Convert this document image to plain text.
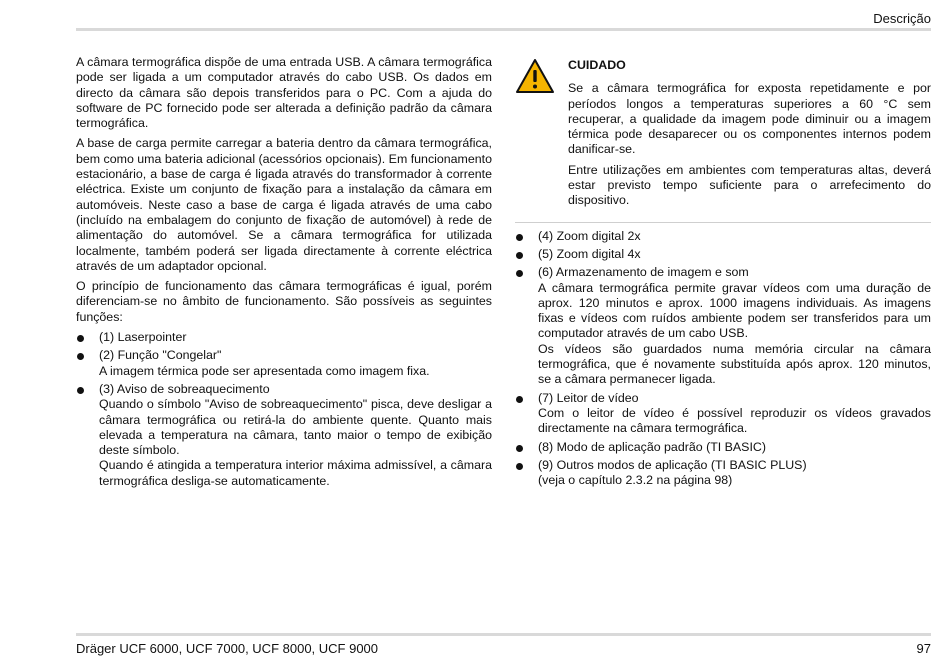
Descrição

A câmara termográfica dispõe de uma entrada USB. A câmara termográfica pode ser ligada a um computador através do cabo USB. Os dados em directo da câmara são depois transferidos para o PC. Com a ajuda do software de PC fornecido pode ser alterada a definição padrão da câmara termográfica.

A base de carga permite carregar a bateria dentro da câmara termográfica, bem como uma bateria adicional (acessórios opcionais). Em funcionamento estacionário, a base de carga é ligada através do transformador à corrente eléctrica. Existe um conjunto de fixação para a instalação da câmara em automóveis. Neste caso a base de carga é ligada através de uma cabo (incluído na embalagem do conjunto de fixação de automóvel) à rede de alimentação do automóvel. Se a câmara termográfica for utilizada localmente, também poderá ser ligada directamente à corrente eléctrica através de um adaptador opcional.

O princípio de funcionamento das câmara termográficas é igual, porém diferenciam-se no âmbito de funcionamento. São possíveis as seguintes funções:

(1) Laserpointer
(2) Função "Congelar"
A imagem térmica pode ser apresentada como imagem fixa.
(3) Aviso de sobreaquecimento
Quando o símbolo "Aviso de sobreaquecimento" pisca, deve desligar a câmara termográfica ou retirá-la do ambiente quente. Quanto mais elevada a temperatura na câmara, tanto maior o tempo de exibição deste símbolo.
Quando é atingida a temperatura interior máxima admissível, a câmara termográfica desliga-se automaticamente.
CUIDADO

Se a câmara termográfica for exposta repetidamente e por períodos longos a temperaturas superiores a 60 °C sem recuperar, a qualidade da imagem pode diminuir ou a imagem térmica pode desaparecer ou os componentes internos podem danificar-se.

Entre utilizações em ambientes com temperaturas altas, deverá estar previsto tempo suficiente para o arrefecimento do dispositivo.

(4) Zoom digital 2x
(5) Zoom digital 4x
(6) Armazenamento de imagem e som
A câmara termográfica permite gravar vídeos com uma duração de aprox. 120 minutos e aprox. 1000 imagens individuais. As imagens fixas e vídeos com ruídos ambiente podem ser transferidos para um computador através de um cabo USB.
Os vídeos são guardados numa memória circular na câmara termográfica, que é novamente substituída após aprox. 120 minutos, se a câmara permanecer ligada.
(7) Leitor de vídeo
Com o leitor de vídeo é possível reproduzir os vídeos gravados directamente na câmara termográfica.
(8) Modo de aplicação padrão (TI BASIC)
(9) Outros modos de aplicação (TI BASIC PLUS)
(veja o capítulo 2.3.2 na página 98)
Dräger UCF 6000, UCF 7000, UCF 8000, UCF 9000	97
